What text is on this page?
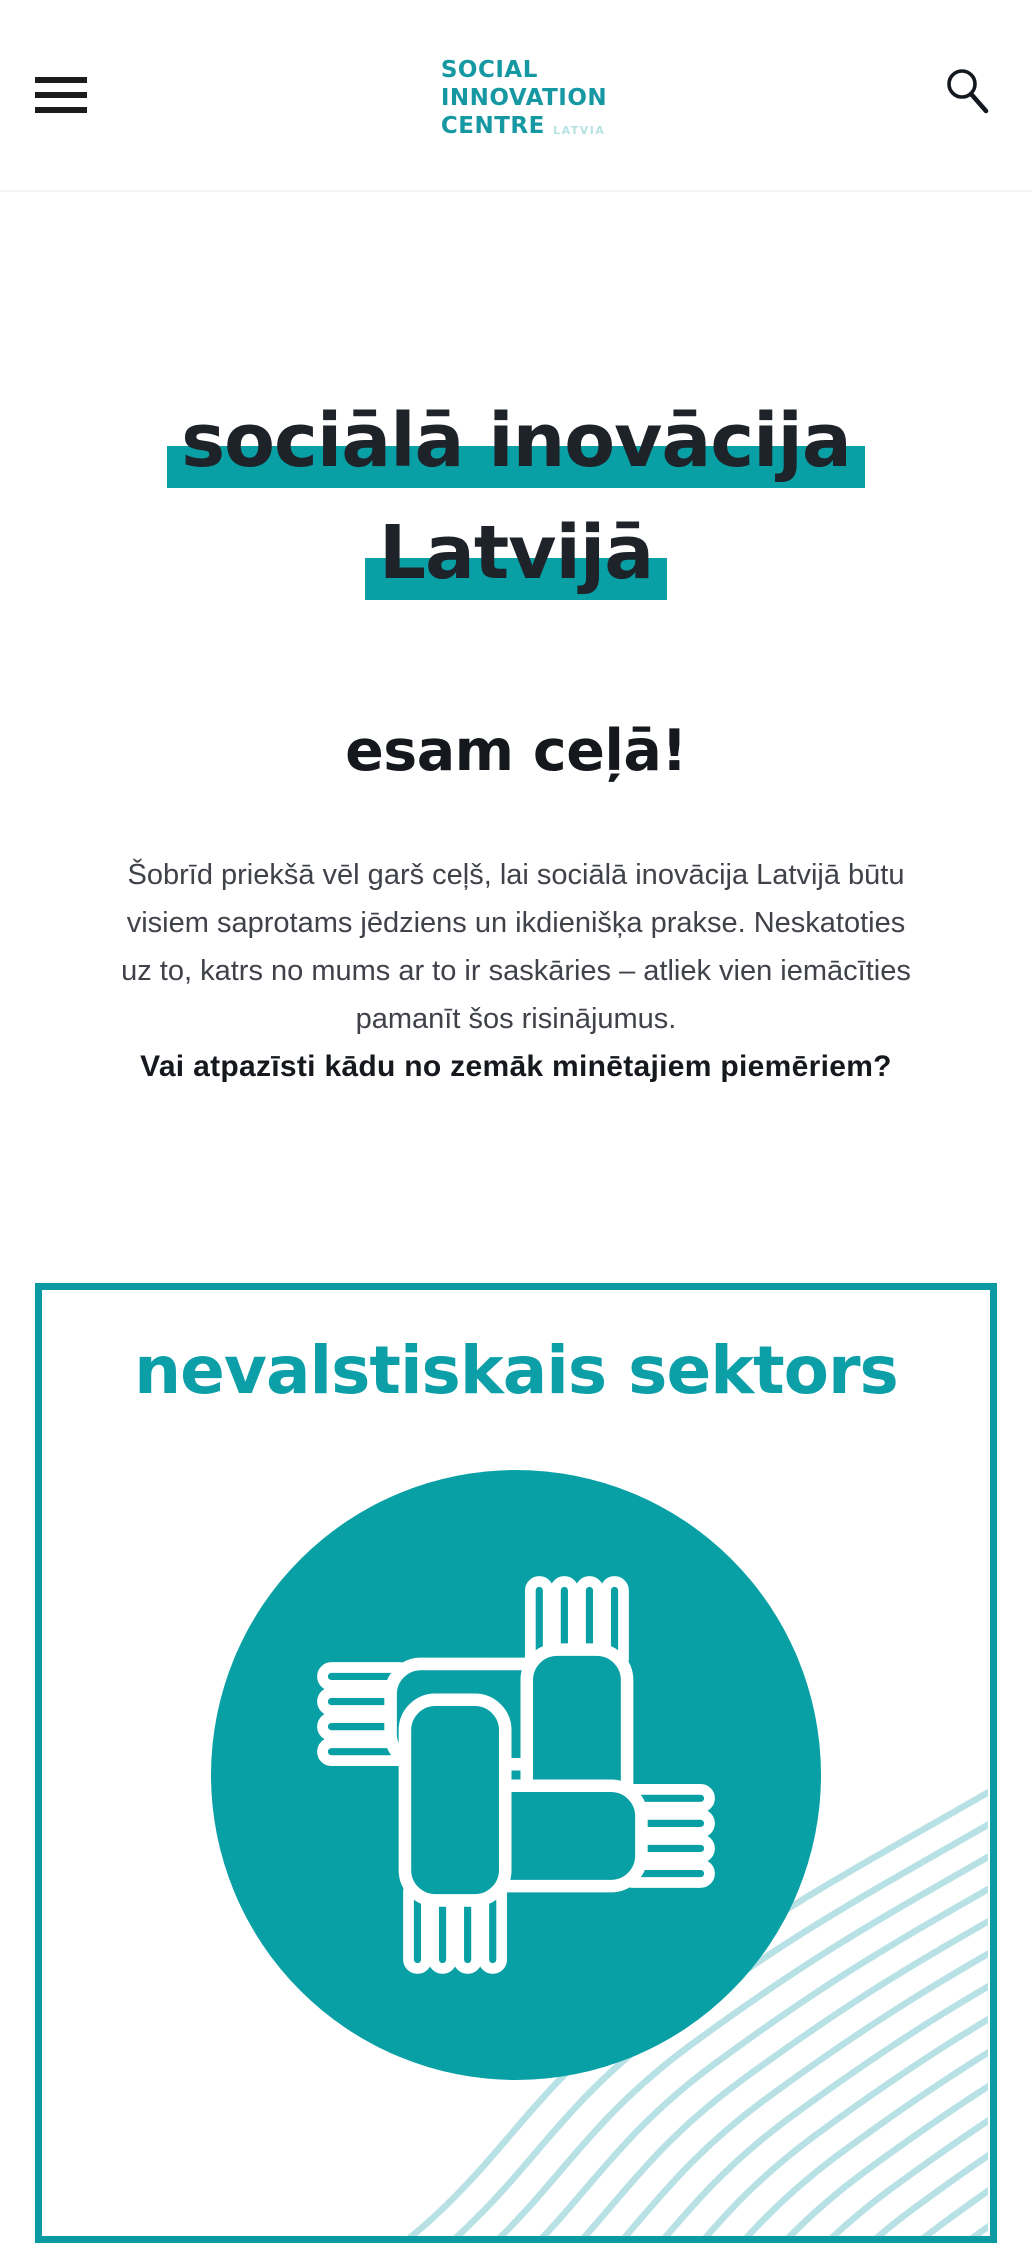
SOCIAL
INNOVATION
CENTRE LATVIA
sociālā inovācija

Latvijā
esam ceļā!
Šobrīd priekšā vēl garš ceļš, lai sociālā inovācija Latvijā būtu
visiem saprotams jēdziens un ikdienišķa prakse. Neskatoties
uz to, katrs no mums ar to ir saskāries – atliek vien iemācīties
pamanīt šos risinājumus.
Vai atpazīsti kādu no zemāk minētajiem piemēriem?
nevalstiskais sektors
